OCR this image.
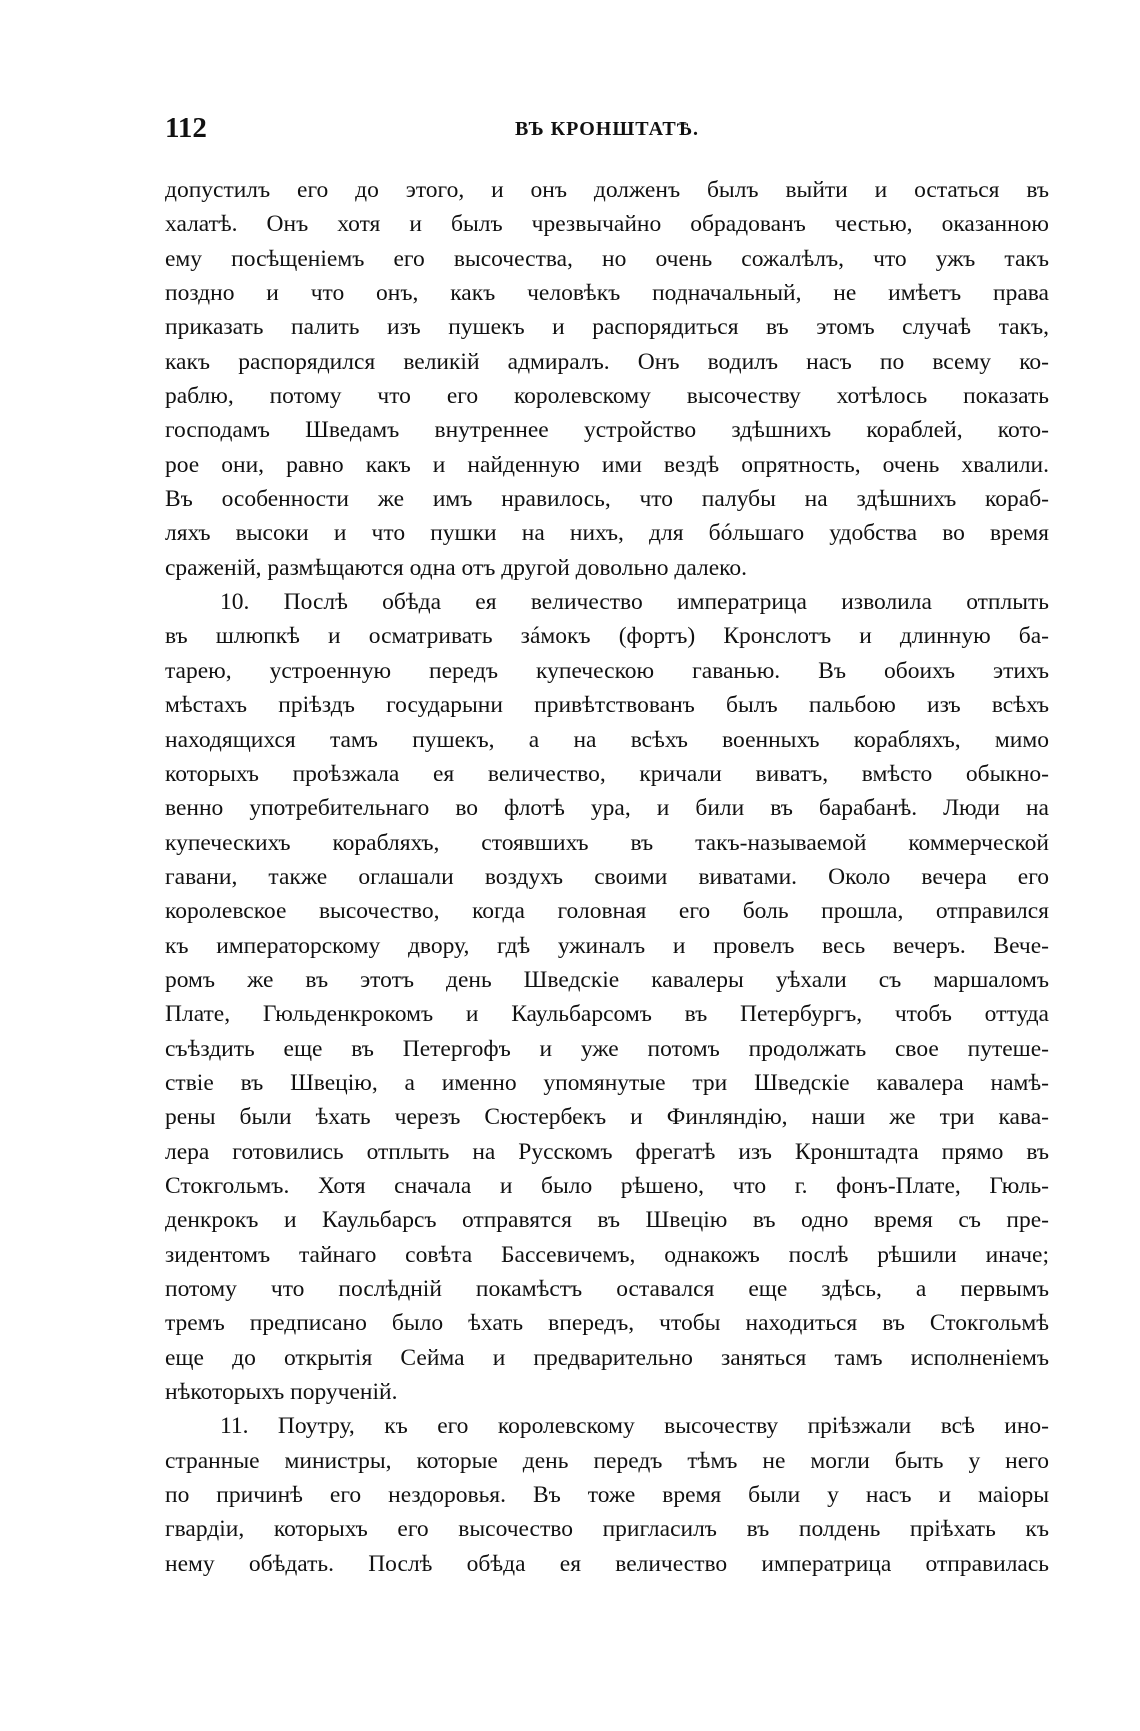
112	ВЪ КРОНШТАТѢ.
допустилъ его до этого, и онъ долженъ былъ выйти и остаться въ
халатѣ. Онъ хотя и былъ чрезвычайно обрадованъ честью, оказанною
ему посѣщеніемъ его высочества, но очень сожалѣлъ, что ужъ такъ
поздно и что онъ, какъ человѣкъ подначальный, не имѣетъ права
приказать палить изъ пушекъ и распорядиться въ этомъ случаѣ такъ,
какъ распорядился великій адмиралъ. Онъ водилъ насъ по всему ко-
раблю, потому что его королевскому высочеству хотѣлось показать
господамъ Шведамъ внутреннее устройство здѣшнихъ кораблей, кото-
рое они, равно какъ и найденную ими вездѣ опрятность, очень хвалили.
Въ особенности же имъ нравилось, что палубы на здѣшнихъ кораб-
ляхъ высоки и что пушки на нихъ, для бóльшаго удобства во время
сраженій, размѣщаются одна отъ другой довольно далеко.
10. Послѣ обѣда ея величество императрица изволила отплыть
въ шлюпкѣ и осматривать зáмокъ (фортъ) Кронслотъ и длинную ба-
тарею, устроенную передъ купеческою гаванью. Въ обоихъ этихъ
мѣстахъ пріѣздъ государыни привѣтствованъ былъ пальбою изъ всѣхъ
находящихся тамъ пушекъ, а на всѣхъ военныхъ корабляхъ, мимо
которыхъ проѣзжала ея величество, кричали виватъ, вмѣсто обыкно-
венно употребительнаго во флотѣ ура, и били въ барабанѣ. Люди на
купеческихъ корабляхъ, стоявшихъ въ такъ-называемой коммерческой
гавани, также оглашали воздухъ своими виватами. Около вечера его
королевское высочество, когда головная его боль прошла, отправился
къ императорскому двору, гдѣ ужиналъ и провелъ весь вечеръ. Вече-
ромъ же въ этотъ день Шведскіе кавалеры уѣхали съ маршаломъ
Плате, Гюльденкрокомъ и Каульбарсомъ въ Петербургъ, чтобъ оттуда
съѣздить еще въ Петергофъ и уже потомъ продолжать свое путеше-
ствіе въ Швецію, а именно упомянутые три Шведскіе кавалера намѣ-
рены были ѣхать черезъ Сюстербекъ и Финляндію, наши же три кава-
лера готовились отплыть на Русскомъ фрегатѣ изъ Кронштадта прямо въ
Стокгольмъ. Хотя сначала и было рѣшено, что г. фонъ-Плате, Гюль-
денкрокъ и Каульбарсъ отправятся въ Швецію въ одно время съ пре-
зидентомъ тайнаго совѣта Бассевичемъ, однакожъ послѣ рѣшили иначе;
потому что послѣдній покамѣстъ оставался еще здѣсь, а первымъ
тремъ предписано было ѣхать впередъ, чтобы находиться въ Стокгольмѣ
еще до открытія Сейма и предварительно заняться тамъ исполненіемъ
нѣкоторыхъ порученій.
11. Поутру, къ его королевскому высочеству пріѣзжали всѣ ино-
странные министры, которые день передъ тѣмъ не могли быть у него
по причинѣ его нездоровья. Въ тоже время были у насъ и маіоры
гвардіи, которыхъ его высочество пригласилъ въ полдень пріѣхать къ
нему обѣдать. Послѣ обѣда ея величество императрица отправилась
